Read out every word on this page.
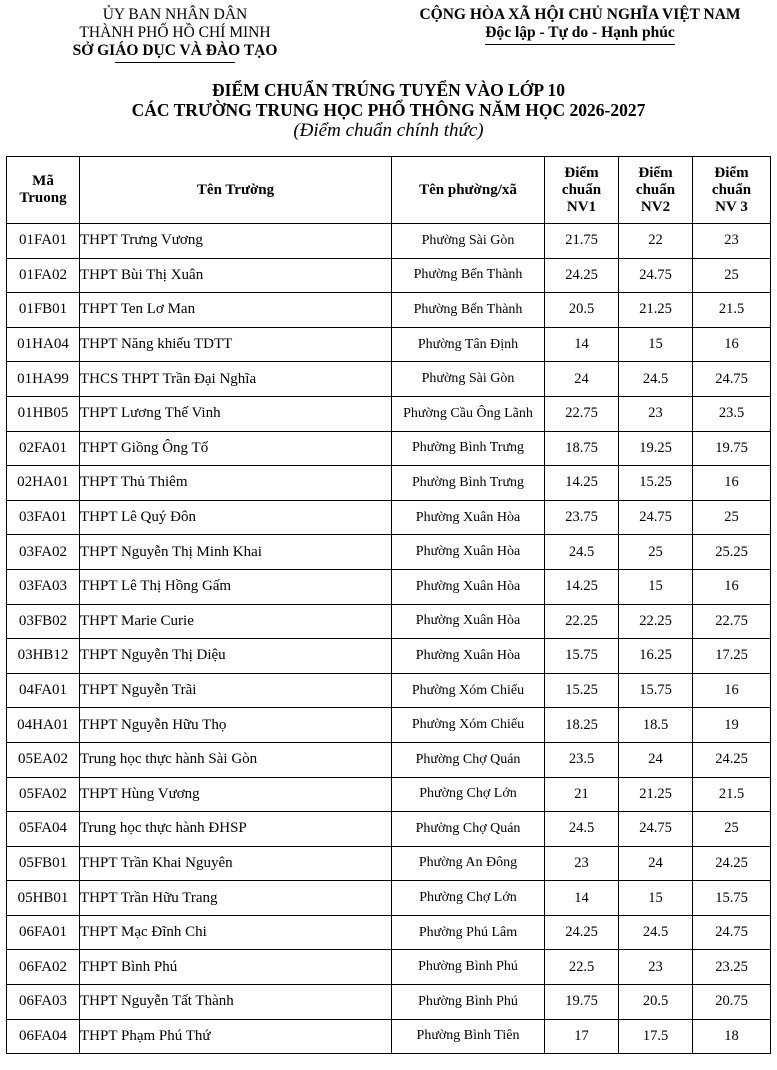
ỦY BAN NHÂN DÂN
THÀNH PHỐ HỒ CHÍ MINH
SỞ GIÁO DỤC VÀ ĐÀO TẠO
CỘNG HÒA XÃ HỘI CHỦ NGHĨA VIỆT NAM
Độc lập - Tự do - Hạnh phúc
ĐIỂM CHUẨN TRÚNG TUYỂN VÀO LỚP 10
CÁC TRƯỜNG TRUNG HỌC PHỔ THÔNG NĂM HỌC 2026-2027
(Điểm chuẩn chính thức)
Mã Truong	Tên Trường	Tên phường/xã	Điểm chuẩn NV1	Điểm chuẩn NV2	Điểm chuẩn NV 3
01FA01	THPT Trưng Vương	Phường Sài Gòn	21.75	22	23
01FA02	THPT Bùi Thị Xuân	Phường Bến Thành	24.25	24.75	25
01FB01	THPT Ten Lơ Man	Phường Bến Thành	20.5	21.25	21.5
01HA04	THPT Năng khiếu TDTT	Phường Tân Định	14	15	16
01HA99	THCS THPT Trần Đại Nghĩa	Phường Sài Gòn	24	24.5	24.75
01HB05	THPT Lương Thế Vinh	Phường Cầu Ông Lãnh	22.75	23	23.5
02FA01	THPT Giồng Ông Tố	Phường Bình Trưng	18.75	19.25	19.75
02HA01	THPT Thủ Thiêm	Phường Bình Trưng	14.25	15.25	16
03FA01	THPT Lê Quý Đôn	Phường Xuân Hòa	23.75	24.75	25
03FA02	THPT Nguyễn Thị Minh Khai	Phường Xuân Hòa	24.5	25	25.25
03FA03	THPT Lê Thị Hồng Gấm	Phường Xuân Hòa	14.25	15	16
03FB02	THPT Marie Curie	Phường Xuân Hòa	22.25	22.25	22.75
03HB12	THPT Nguyễn Thị Diệu	Phường Xuân Hòa	15.75	16.25	17.25
04FA01	THPT Nguyễn Trãi	Phường Xóm Chiếu	15.25	15.75	16
04HA01	THPT Nguyễn Hữu Thọ	Phường Xóm Chiếu	18.25	18.5	19
05EA02	Trung học thực hành Sài Gòn	Phường Chợ Quán	23.5	24	24.25
05FA02	THPT Hùng Vương	Phường Chợ Lớn	21	21.25	21.5
05FA04	Trung học thực hành ĐHSP	Phường Chợ Quán	24.5	24.75	25
05FB01	THPT Trần Khai Nguyên	Phường An Đông	23	24	24.25
05HB01	THPT Trần Hữu Trang	Phường Chợ Lớn	14	15	15.75
06FA01	THPT Mạc Đĩnh Chi	Phường Phú Lâm	24.25	24.5	24.75
06FA02	THPT Bình Phú	Phường Bình Phú	22.5	23	23.25
06FA03	THPT Nguyễn Tất Thành	Phường Bình Phú	19.75	20.5	20.75
06FA04	THPT Phạm Phú Thứ	Phường Bình Tiên	17	17.5	18
